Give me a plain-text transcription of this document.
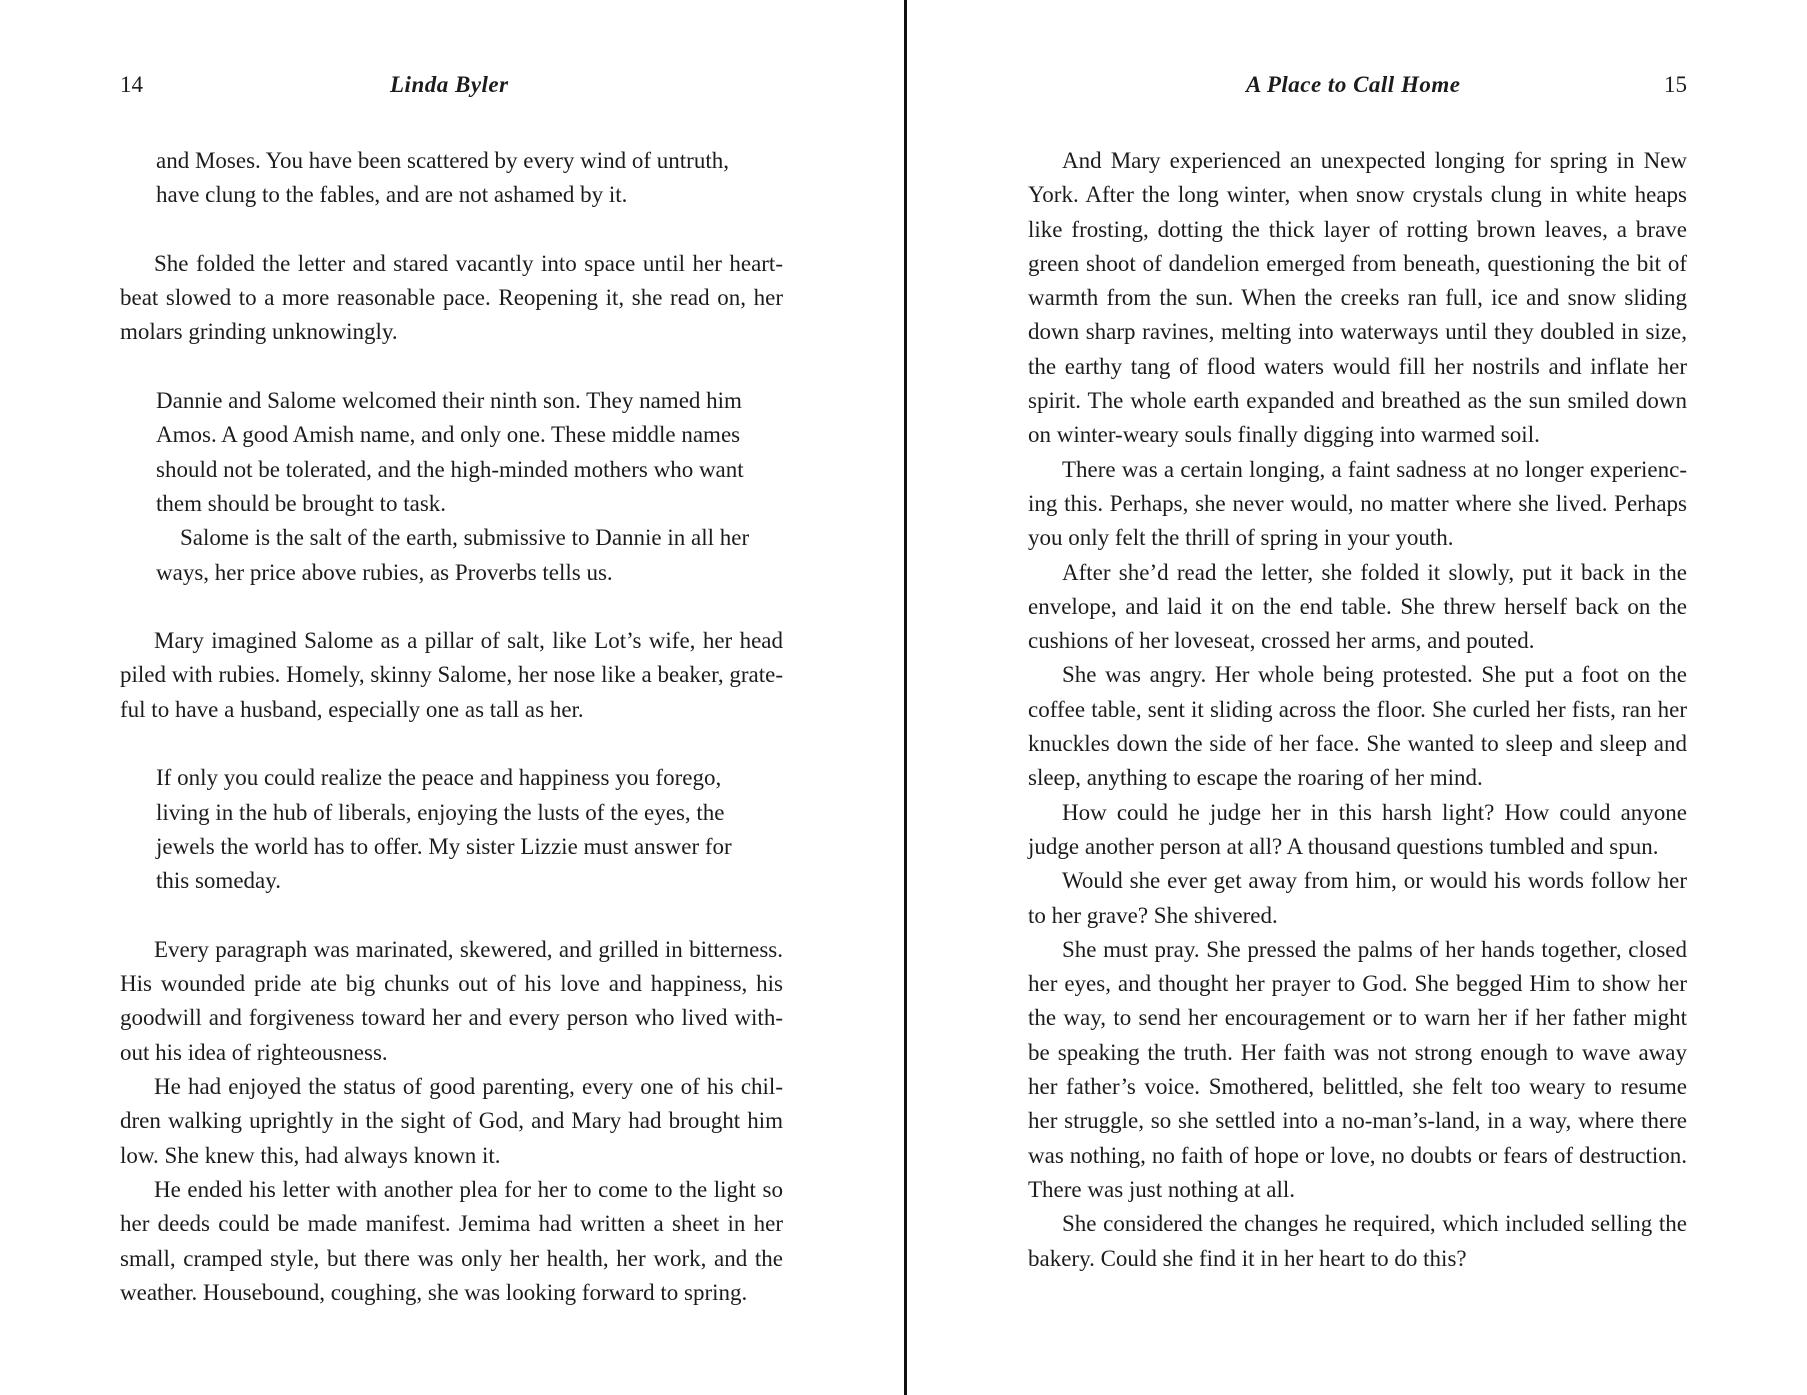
14	Linda Byler

and Moses. You have been scattered by every wind of untruth, have clung to the fables, and are not ashamed by it.

She folded the letter and stared vacantly into space until her heartbeat slowed to a more reasonable pace. Reopening it, she read on, her molars grinding unknowingly.

Dannie and Salome welcomed their ninth son. They named him Amos. A good Amish name, and only one. These middle names should not be tolerated, and the high-minded mothers who want them should be brought to task.

Salome is the salt of the earth, submissive to Dannie in all her ways, her price above rubies, as Proverbs tells us.

Mary imagined Salome as a pillar of salt, like Lot’s wife, her head piled with rubies. Homely, skinny Salome, her nose like a beaker, grateful to have a husband, especially one as tall as her.

If only you could realize the peace and happiness you forego, living in the hub of liberals, enjoying the lusts of the eyes, the jewels the world has to offer. My sister Lizzie must answer for this someday.

Every paragraph was marinated, skewered, and grilled in bitterness. His wounded pride ate big chunks out of his love and happiness, his goodwill and forgiveness toward her and every person who lived without his idea of righteousness.

He had enjoyed the status of good parenting, every one of his children walking uprightly in the sight of God, and Mary had brought him low. She knew this, had always known it.

He ended his letter with another plea for her to come to the light so her deeds could be made manifest. Jemima had written a sheet in her small, cramped style, but there was only her health, her work, and the weather. Housebound, coughing, she was looking forward to spring.

A Place to Call Home	15

And Mary experienced an unexpected longing for spring in New York. After the long winter, when snow crystals clung in white heaps like frosting, dotting the thick layer of rotting brown leaves, a brave green shoot of dandelion emerged from beneath, questioning the bit of warmth from the sun. When the creeks ran full, ice and snow sliding down sharp ravines, melting into waterways until they doubled in size, the earthy tang of flood waters would fill her nostrils and inflate her spirit. The whole earth expanded and breathed as the sun smiled down on winter-weary souls finally digging into warmed soil.

There was a certain longing, a faint sadness at no longer experiencing this. Perhaps, she never would, no matter where she lived. Perhaps you only felt the thrill of spring in your youth.

After she’d read the letter, she folded it slowly, put it back in the envelope, and laid it on the end table. She threw herself back on the cushions of her loveseat, crossed her arms, and pouted.

She was angry. Her whole being protested. She put a foot on the coffee table, sent it sliding across the floor. She curled her fists, ran her knuckles down the side of her face. She wanted to sleep and sleep and sleep, anything to escape the roaring of her mind.

How could he judge her in this harsh light? How could anyone judge another person at all? A thousand questions tumbled and spun.

Would she ever get away from him, or would his words follow her to her grave? She shivered.

She must pray. She pressed the palms of her hands together, closed her eyes, and thought her prayer to God. She begged Him to show her the way, to send her encouragement or to warn her if her father might be speaking the truth. Her faith was not strong enough to wave away her father’s voice. Smothered, belittled, she felt too weary to resume her struggle, so she settled into a no-man’s-land, in a way, where there was nothing, no faith of hope or love, no doubts or fears of destruction. There was just nothing at all.

She considered the changes he required, which included selling the bakery. Could she find it in her heart to do this?
